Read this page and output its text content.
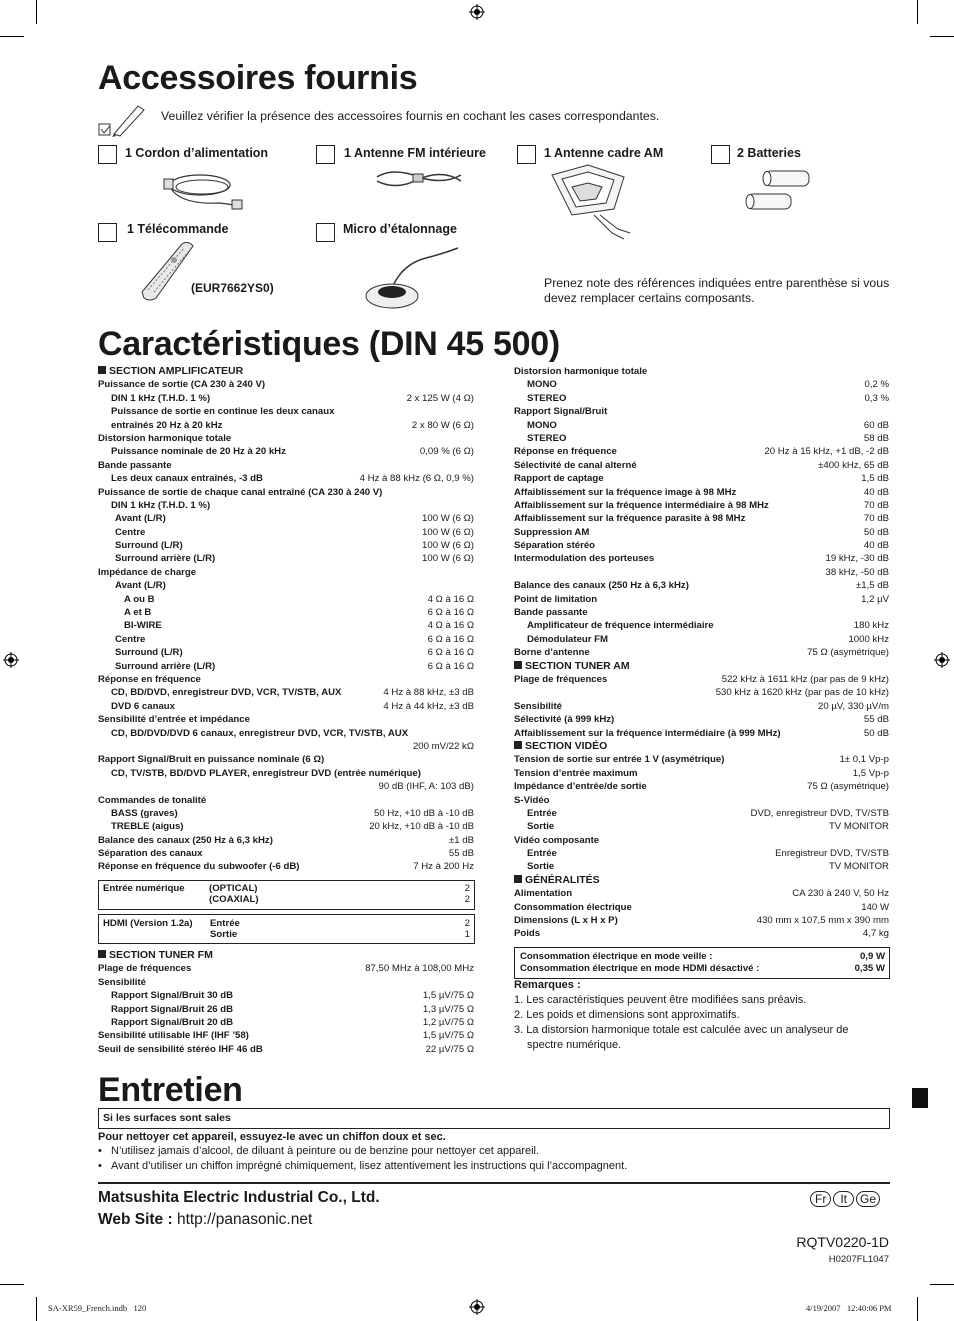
Accessoires fournis
Veuillez vérifier la présence des accessoires fournis en cochant les cases correspondantes.
1 Cordon d’alimentation	1 Antenne FM intérieure	1 Antenne cadre AM	2 Batteries
1 Télécommande	Micro d’étalonnage
(EUR7662YS0)	Prenez note des références indiquées entre parenthèse si vous devez remplacer certains composants.
Caractéristiques (DIN 45 500)
SECTION AMPLIFICATEUR
Puissance de sortie (CA 230 à 240 V)
DIN 1 kHz (T.H.D. 1 %)	2 x 125 W (4 Ω)
Puissance de sortie en continue les deux canaux
entraînés 20 Hz à 20 kHz	2 x 80 W (6 Ω)
Distorsion harmonique totale
Puissance nominale de 20 Hz à 20 kHz	0,09 % (6 Ω)
Bande passante
Les deux canaux entraînés, -3 dB	4 Hz à 88 kHz (6 Ω, 0,9 %)
Puissance de sortie de chaque canal entraîné (CA 230 à 240 V)
DIN 1 kHz (T.H.D. 1 %)
Avant (L/R)	100 W (6 Ω)
Centre	100 W (6 Ω)
Surround (L/R)	100 W (6 Ω)
Surround arrière (L/R)	100 W (6 Ω)
Impédance de charge
Avant (L/R)
A ou B	4 Ω à 16 Ω
A et B	6 Ω à 16 Ω
BI-WIRE	4 Ω à 16 Ω
Centre	6 Ω à 16 Ω
Surround (L/R)	6 Ω à 16 Ω
Surround arrière (L/R)	6 Ω à 16 Ω
Réponse en fréquence
CD, BD/DVD, enregistreur DVD, VCR, TV/STB, AUX	4 Hz à 88 kHz, ±3 dB
DVD 6 canaux	4 Hz à 44 kHz, ±3 dB
Sensibilité d’entrée et impédance
CD, BD/DVD/DVD 6 canaux, enregistreur DVD, VCR, TV/STB, AUX
200 mV/22 kΩ
Rapport Signal/Bruit en puissance nominale (6 Ω)
CD, TV/STB, BD/DVD PLAYER, enregistreur DVD (entrée numérique)
90 dB (IHF, A: 103 dB)
Commandes de tonalité
BASS (graves)	50 Hz, +10 dB à -10 dB
TREBLE (aigus)	20 kHz, +10 dB à -10 dB
Balance des canaux (250 Hz à 6,3 kHz)	±1 dB
Séparation des canaux	55 dB
Réponse en fréquence du subwoofer (-6 dB)	7 Hz à 200 Hz
Entrée numérique	(OPTICAL)	2
(COAXIAL)	2
HDMI (Version 1.2a) Entrée	2
Sortie	1
SECTION TUNER FM
Plage de fréquences	87,50 MHz à 108,00 MHz
Sensibilité
Rapport Signal/Bruit 30 dB	1,5 µV/75 Ω
Rapport Signal/Bruit 26 dB	1,3 µV/75 Ω
Rapport Signal/Bruit 20 dB	1,2 µV/75 Ω
Sensibilité utilisable IHF (IHF ’58)	1,5 µV/75 Ω
Seuil de sensibilité stéréo IHF 46 dB	22 µV/75 Ω
Distorsion harmonique totale
MONO	0,2 %
STEREO	0,3 %
Rapport Signal/Bruit
MONO	60 dB
STEREO	58 dB
Réponse en fréquence	20 Hz à 15 kHz, +1 dB, -2 dB
Sélectivité de canal alterné	±400 kHz, 65 dB
Rapport de captage	1,5 dB
Affaiblissement sur la fréquence image à 98 MHz	40 dB
Affaiblissement sur la fréquence intermédiaire à 98 MHz	70 dB
Affaiblissement sur la fréquence parasite à 98 MHz	70 dB
Suppression AM	50 dB
Séparation stéréo	40 dB
Intermodulation des porteuses	19 kHz, -30 dB
38 kHz, -50 dB
Balance des canaux (250 Hz à 6,3 kHz)	±1,5 dB
Point de limitation	1,2 µV
Bande passante
Amplificateur de fréquence intermédiaire	180 kHz
Démodulateur FM	1000 kHz
Borne d’antenne	75 Ω (asymétrique)
SECTION TUNER AM
Plage de fréquences	522 kHz à 1611 kHz (par pas de 9 kHz)
530 kHz à 1620 kHz (par pas de 10 kHz)
Sensibilité	20 µV, 330 µV/m
Sélectivité (à 999 kHz)	55 dB
Affaiblissement sur la fréquence intermédiaire (à 999 MHz)	50 dB
SECTION VIDÉO
Tension de sortie sur entrée 1 V (asymétrique)	1± 0,1 Vp-p
Tension d’entrée maximum	1,5 Vp-p
Impédance d’entrée/de sortie	75 Ω (asymétrique)
S-Vidéo
Entrée	DVD, enregistreur DVD, TV/STB
Sortie	TV MONITOR
Vidéo composante
Entrée	Enregistreur DVD, TV/STB
Sortie	TV MONITOR
GÉNÉRALITÉS
Alimentation	CA 230 à 240 V, 50 Hz
Consommation électrique	140 W
Dimensions (L x H x P)	430 mm x 107,5 mm x 390 mm
Poids	4,7 kg
Consommation électrique en mode veille :	0,9 W
Consommation électrique en mode HDMI désactivé :	0,35 W
Remarques :
1. Les caractéristiques peuvent être modifiées sans préavis.
2. Les poids et dimensions sont approximatifs.
3. La distorsion harmonique totale est calculée avec un analyseur de
spectre numérique.
Entretien
Si les surfaces sont sales
Pour nettoyer cet appareil, essuyez-le avec un chiffon doux et sec.
• N’utilisez jamais d’alcool, de diluant à peinture ou de benzine pour nettoyer cet appareil.
• Avant d’utiliser un chiffon imprégné chimiquement, lisez attentivement les instructions qui l’accompagnent.
Matsushita Electric Industrial Co., Ltd.
Web Site : http://panasonic.net
Fr	It	Ge
RQTV0220-1D
H0207FL1047
SA-XR59_French.indb   120	4/19/2007   12:40:06 PM
